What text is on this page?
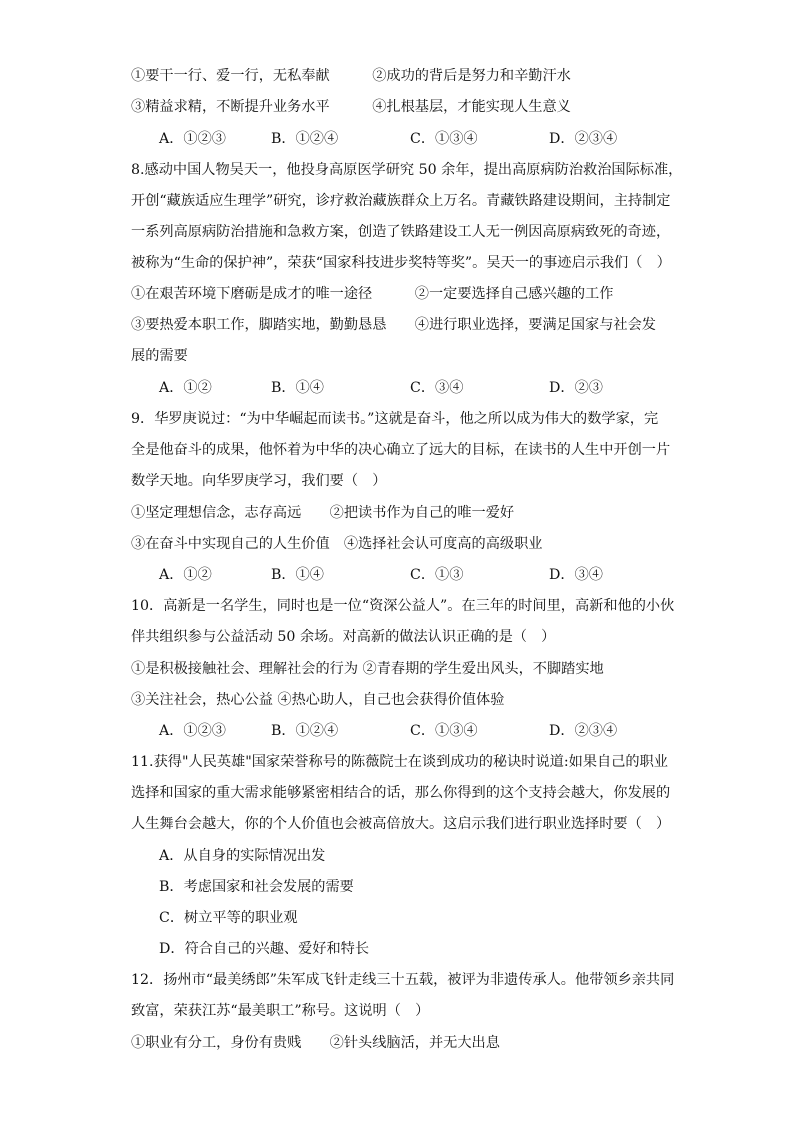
①要干一行、爱一行，无私奉献　　　②成功的背后是努力和辛勤汗水
③精益求精，不断提升业务水平　　　④扎根基层，才能实现人生意义
A．①②③	B．①②④	C．①③④	D．②③④
8.感动中国人物吴天一，他投身高原医学研究 50 余年，提出高原病防治救治国际标准，
开创“藏族适应生理学”研究，诊疗救治藏族群众上万名。青藏铁路建设期间，主持制定
一系列高原病防治措施和急救方案，创造了铁路建设工人无一例因高原病致死的奇迹，
被称为“生命的保护神”，荣获“国家科技进步奖特等奖”。吴天一的事迹启示我们（　）
①在艰苦环境下磨砺是成才的唯一途径　　　②一定要选择自己感兴趣的工作
③要热爱本职工作，脚踏实地，勤勤恳恳　　④进行职业选择，要满足国家与社会发
展的需要
A．①②	B．①④	C．③④	D．②③
9．华罗庚说过：“为中华崛起而读书。”这就是奋斗，他之所以成为伟大的数学家，完
全是他奋斗的成果，他怀着为中华的决心确立了远大的目标，在读书的人生中开创一片
数学天地。向华罗庚学习，我们要（　）
①坚定理想信念，志存高远　　②把读书作为自己的唯一爱好
③在奋斗中实现自己的人生价值　④选择社会认可度高的高级职业
A．①②	B．①④	C．①③	D．③④
10．高新是一名学生，同时也是一位“资深公益人”。在三年的时间里，高新和他的小伙
伴共组织参与公益活动 50 余场。对高新的做法认识正确的是（　）
①是积极接触社会、理解社会的行为 ②青春期的学生爱出风头，不脚踏实地
③关注社会，热心公益 ④热心助人，自己也会获得价值体验
A．①②③	B．①②④	C．①③④	D．②③④
11.获得"人民英雄"国家荣誉称号的陈薇院士在谈到成功的秘诀时说道:如果自己的职业
选择和国家的重大需求能够紧密相结合的话，那么你得到的这个支持会越大，你发展的
人生舞台会越大，你的个人价值也会被高倍放大。这启示我们进行职业选择时要（　）
A．从自身的实际情况出发
B．考虑国家和社会发展的需要
C．树立平等的职业观
D．符合自己的兴趣、爱好和特长
12．扬州市“最美绣郎”朱军成飞针走线三十五载，被评为非遗传承人。他带领乡亲共同
致富，荣获江苏“最美职工”称号。这说明（　）
①职业有分工，身份有贵贱　　②针头线脑活，并无大出息
